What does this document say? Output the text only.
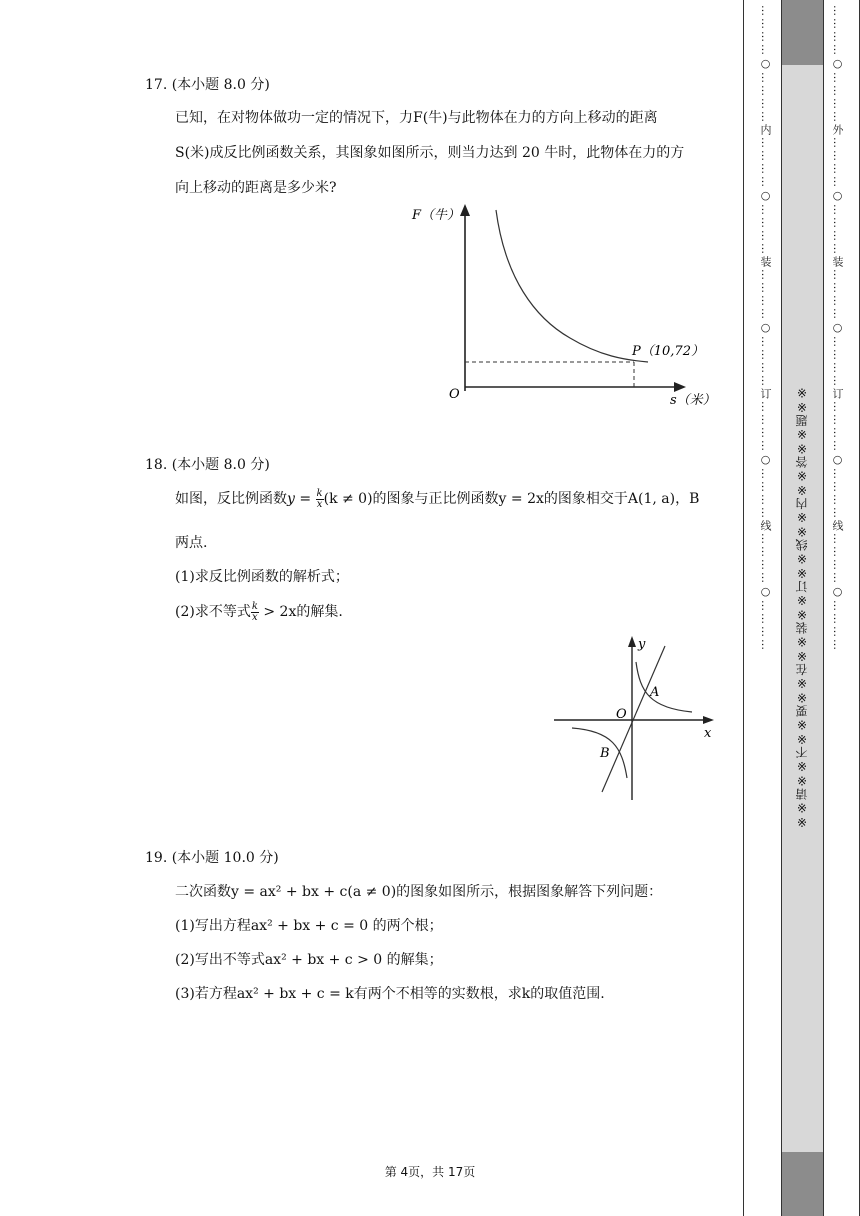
17. (本小题 8.0 分)
已知，在对物体做功一定的情况下，力F(牛)与此物体在力的方向上移动的距离
S(米)成反比例函数关系，其图象如图所示，则当力达到 20 牛时，此物体在力的方
向上移动的距离是多少米?
F（牛）
O	s（米）
P（10,72）
18. (本小题 8.0 分)
如图，反比例函数$y = \frac{k}{x} (k \ne 0)$的图象与正比例函数y = 2x的图象相交于A(1, a)，B
两点.
(1)求反比例函数的解析式；
(2)求不等式 $\frac{k}{x} > 2x$的解集.
y
x
O
A
B
19. (本小题 10.0 分)
二次函数y = ax² + bx + c(a ≠ 0)的图象如图所示，根据图象解答下列问题：
(1)写出方程ax² + bx + c = 0 的两个根；
(2)写出不等式ax² + bx + c > 0 的解集；
(3)若方程ax² + bx + c = k有两个不相等的实数根，求k的取值范围.
第 4页，共 17页
…………○…………内…………○…………装…………○…………订…………○…………线…………○…………	※※请※※不※※要※※在※※装※※订※※线※※内※※答※※题※※	…………○…………外…………○…………装…………○…………订…………○…………线…………○…………
